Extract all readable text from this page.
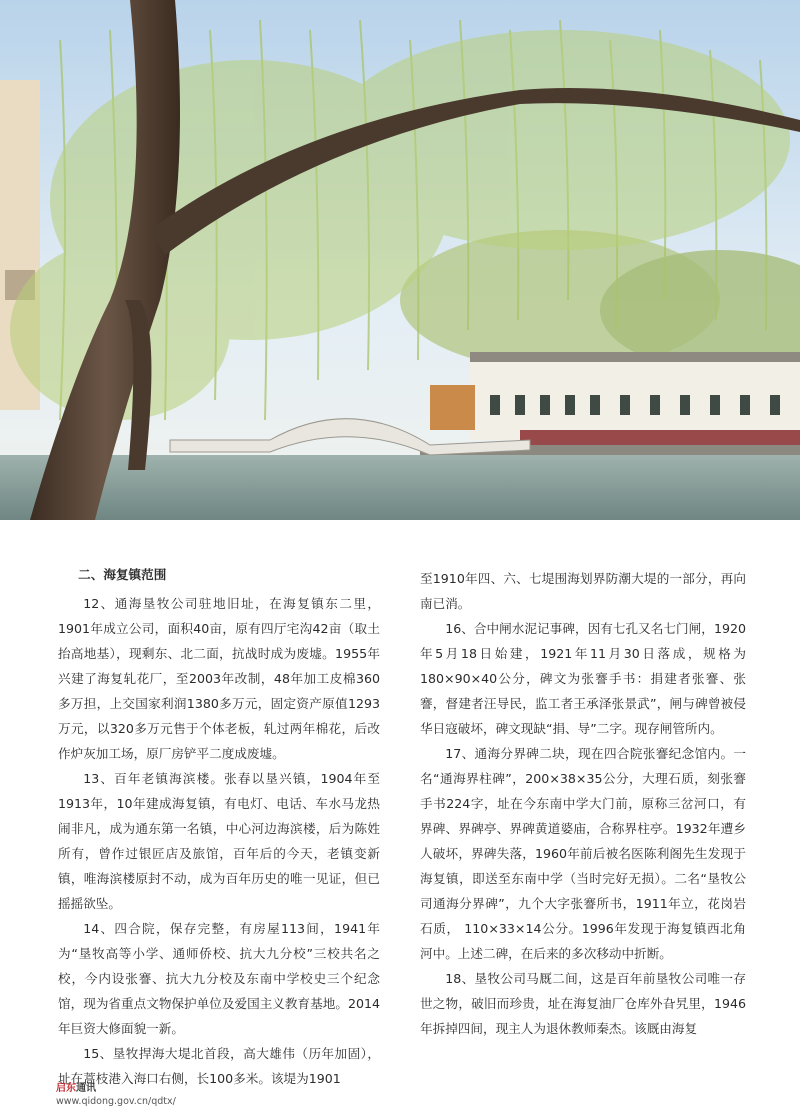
二、海复镇范围

12、通海垦牧公司驻地旧址，在海复镇东二里，1901年成立公司，面积40亩，原有四厅宅沟42亩（取土抬高地基），现剩东、北二面，抗战时成为废墟。1955年兴建了海复轧花厂，至2003年改制，48年加工皮棉360多万担，上交国家利润1380多万元，固定资产原值1293万元，以320多万元售于个体老板，轧过两年棉花，后改作炉灰加工场，原厂房铲平二度成废墟。

13、百年老镇海滨楼。张春以垦兴镇，1904年至1913年，10年建成海复镇，有电灯、电话、车水马龙热闹非凡，成为通东第一名镇，中心河边海滨楼，后为陈姓所有，曾作过银匠店及旅馆，百年后的今天，老镇变新镇，唯海滨楼原封不动，成为百年历史的唯一见证，但已摇摇欲坠。

14、四合院，保存完整，有房屋113间，1941年为“垦牧高等小学、通师侨校、抗大九分校”三校共名之校，今内设张謇、抗大九分校及东南中学校史三个纪念馆，现为省重点文物保护单位及爱国主义教育基地。2014年巨资大修面貌一新。

15、垦牧捍海大堤北首段，高大雄伟（历年加固），址在蒿枝港入海口右侧，长100多米。该堤为1901

至1910年四、六、七堤围海划界防潮大堤的一部分，再向南已消。

16、合中闸水泥记事碑，因有七孔又名七门闸，1920年5月18日始建，1921年11月30日落成，规格为180×90×40公分，碑文为张謇手书：捐建者张謇、张謇，督建者汪导民，监工者王承泽张景武”，闸与碑曾被侵华日寇破坏，碑文现缺“捐、导”二字。现存闸管所内。

17、通海分界碑二块，现在四合院张謇纪念馆内。一名“通海界柱碑”，200×38×35公分，大理石质，刻张謇手书224字，址在今东南中学大门前，原称三岔河口，有界碑、界碑亭、界碑黄道婆庙，合称界柱亭。1932年遭乡人破坏，界碑失落，1960年前后被名医陈利阁先生发现于海复镇，即送至东南中学（当时完好无损）。二名“垦牧公司通海分界碑”，九个大字张謇所书，1911年立，花岗岩石质， 110×33×14公分。1996年发现于海复镇西北角河中。上述二碑，在后来的多次移动中折断。

18、垦牧公司马厩二间，这是百年前垦牧公司唯一存世之物，破旧而珍贵，址在海复油厂仓库外旮旯里，1946年拆掉四间，现主人为退休教师秦杰。该厩由海复

启东通讯
www.qidong.gov.cn/qdtx/
